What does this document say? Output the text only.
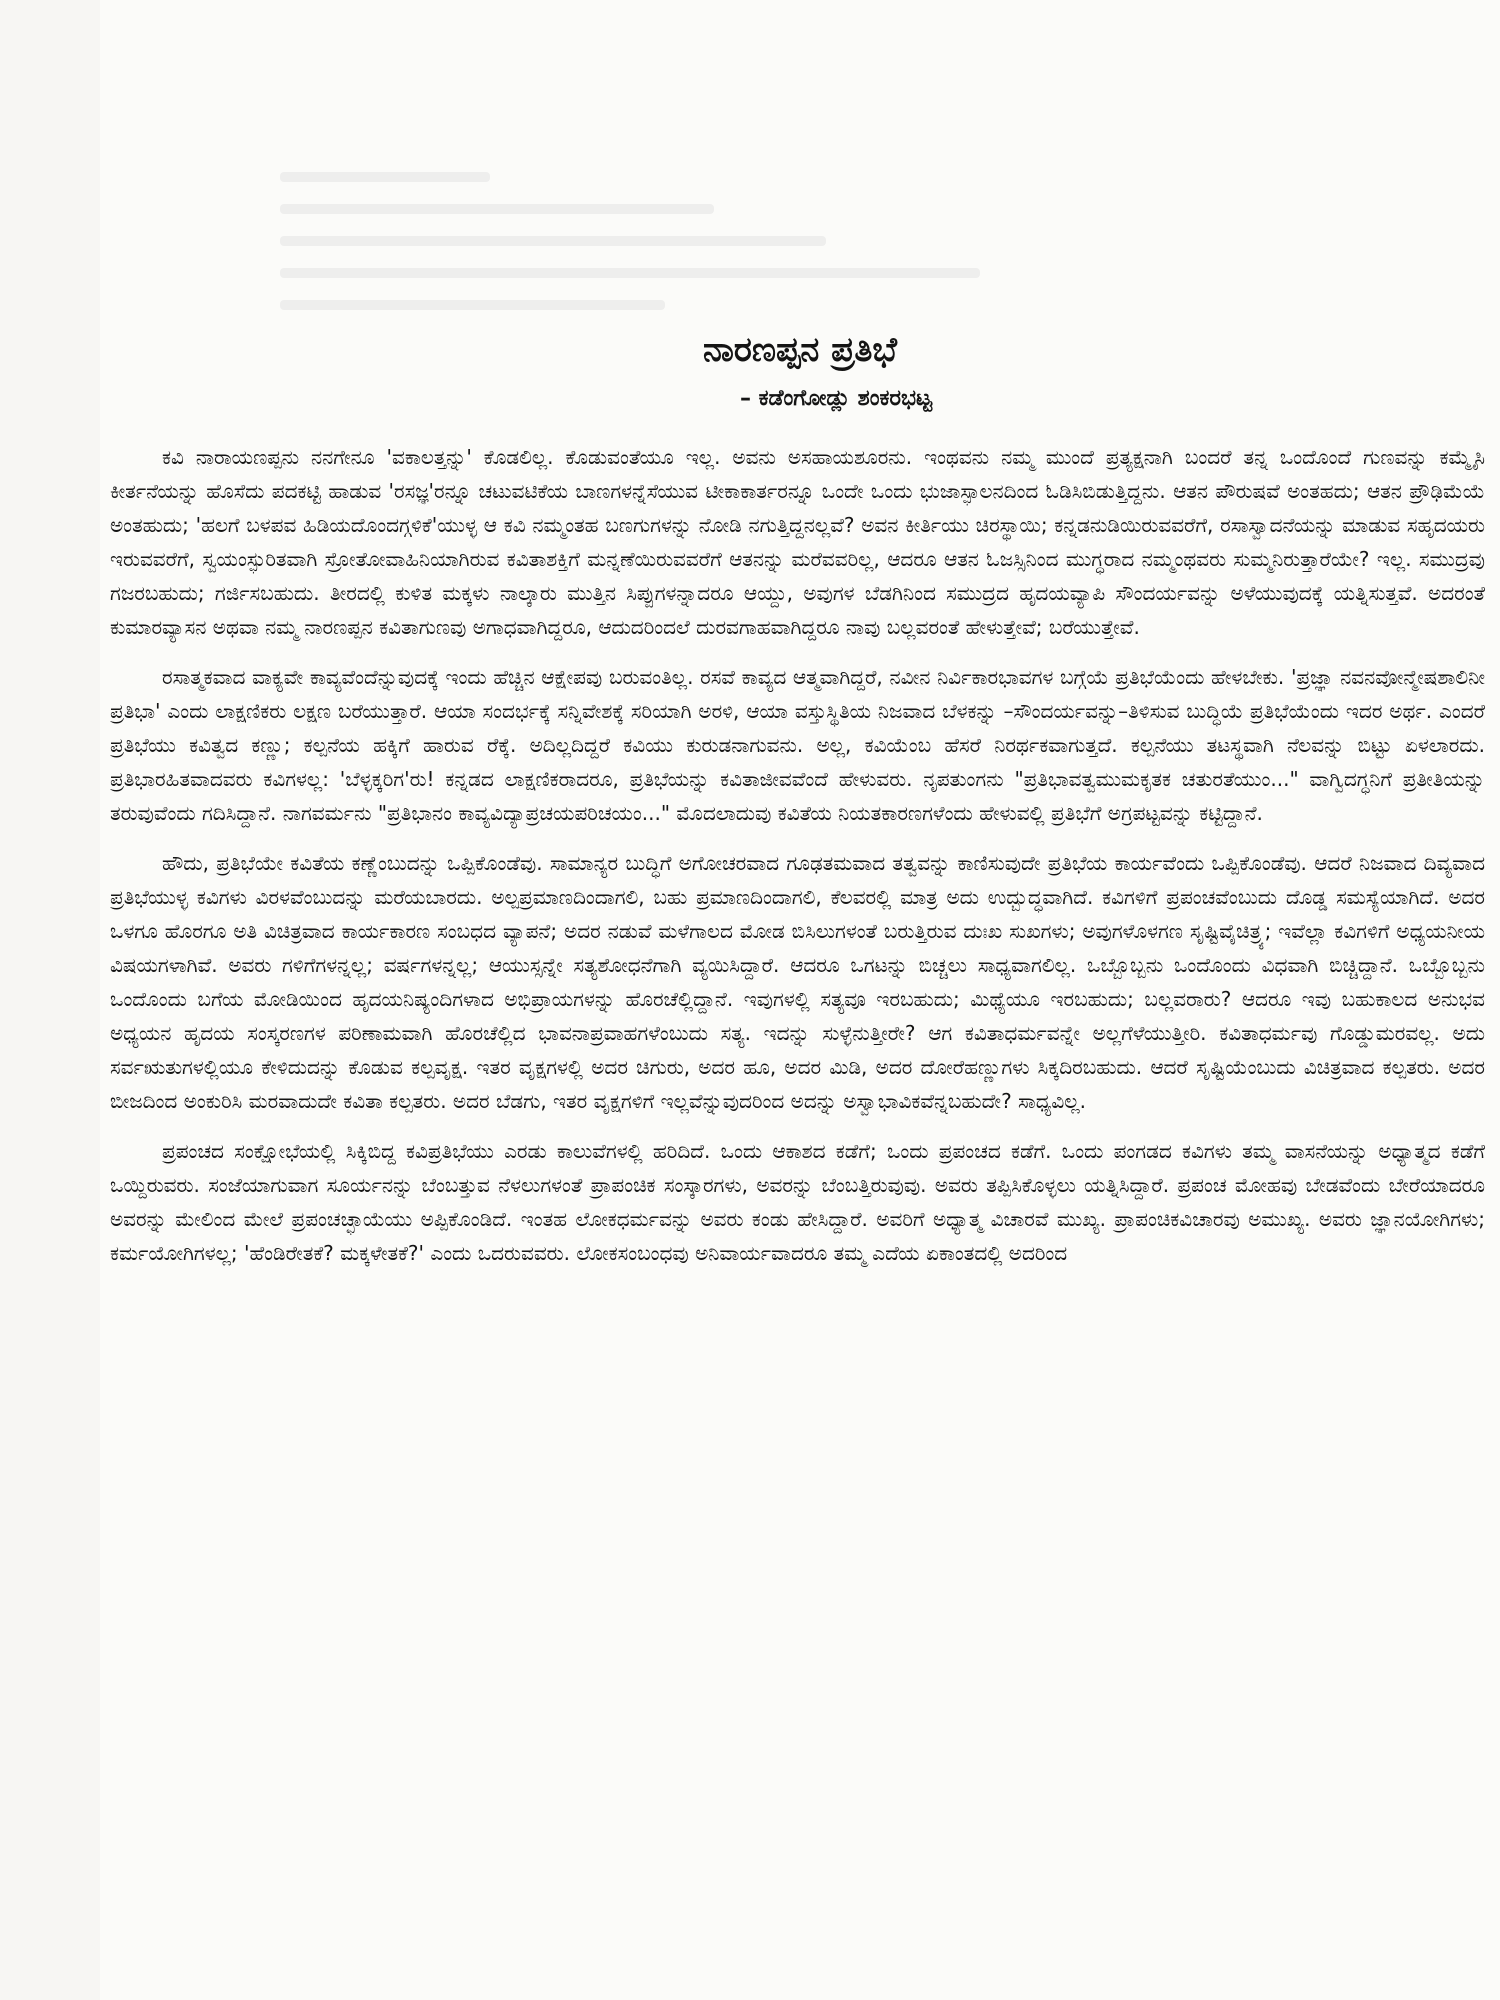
ನಾರಣಪ್ಪನ ಪ್ರತಿಭೆ
– ಕಡೆಂಗೋಡ್ಲು ಶಂಕರಭಟ್ಟ

ಕವಿ ನಾರಾಯಣಪ್ಪನು ನನಗೇನೂ 'ವಕಾಲತ್ತನ್ನು' ಕೊಡಲಿಲ್ಲ. ಕೊಡುವಂತೆಯೂ ಇಲ್ಲ. ಅವನು ಅಸಹಾಯಶೂರನು. ಇಂಥವನು ನಮ್ಮ ಮುಂದೆ ಪ್ರತ್ಯಕ್ಷನಾಗಿ ಬಂದರೆ ತನ್ನ ಒಂದೊಂದೆ ಗುಣವನ್ನು ಕಮ್ಮೈಸಿ ಕೀರ್ತನೆಯನ್ನು ಹೊಸೆದು ಪದಕಟ್ಟಿ ಹಾಡುವ 'ರಸಜ್ಞ'ರನ್ನೂ ಚಟುವಟಿಕೆಯ ಬಾಣಗಳನ್ನೆಸೆಯುವ ಟೀಕಾಕಾರ್ತರನ್ನೂ ಒಂದೇ ಒಂದು ಭುಜಾಸ್ಫಾಲನದಿಂದ ಓಡಿಸಿಬಿಡುತ್ತಿದ್ದನು. ಆತನ ಪೌರುಷವೆ ಅಂತಹದು; ಆತನ ಪ್ರೌಢಿಮೆಯೆ ಅಂತಹುದು; 'ಹಲಗೆ ಬಳಪವ ಹಿಡಿಯದೊಂದಗ್ಗಳಿಕೆ'ಯುಳ್ಳ ಆ ಕವಿ ನಮ್ಮಂತಹ ಬಣಗುಗಳನ್ನು ನೋಡಿ ನಗುತ್ತಿದ್ದನಲ್ಲವೆ? ಅವನ ಕೀರ್ತಿಯು ಚಿರಸ್ಥಾಯಿ; ಕನ್ನಡನುಡಿಯಿರುವವರೆಗೆ, ರಸಾಸ್ವಾದನೆಯನ್ನು ಮಾಡುವ ಸಹೃದಯರು ಇರುವವರೆಗೆ, ಸ್ವಯಂಸ್ಫುರಿತವಾಗಿ ಸ್ರೋತೋವಾಹಿನಿಯಾಗಿರುವ ಕವಿತಾಶಕ್ತಿಗೆ ಮನ್ನಣೆಯಿರುವವರೆಗೆ ಆತನನ್ನು ಮರೆವವರಿಲ್ಲ, ಆದರೂ ಆತನ ಓಜಸ್ಸಿನಿಂದ ಮುಗ್ಧರಾದ ನಮ್ಮಂಥವರು ಸುಮ್ಮನಿರುತ್ತಾರೆಯೇ? ಇಲ್ಲ. ಸಮುದ್ರವು ಗಜರಬಹುದು; ಗರ್ಜಿಸಬಹುದು. ತೀರದಲ್ಲಿ ಕುಳಿತ ಮಕ್ಕಳು ನಾಲ್ಕಾರು ಮುತ್ತಿನ ಸಿಪ್ಪುಗಳನ್ನಾದರೂ ಆಯ್ದು, ಅವುಗಳ ಬೆಡಗಿನಿಂದ ಸಮುದ್ರದ ಹೃದಯವ್ಯಾಪಿ ಸೌಂದರ್ಯವನ್ನು ಅಳೆಯುವುದಕ್ಕೆ ಯತ್ನಿಸುತ್ತವೆ. ಅದರಂತೆ ಕುಮಾರವ್ಯಾಸನ ಅಥವಾ ನಮ್ಮ ನಾರಣಪ್ಪನ ಕವಿತಾಗುಣವು ಅಗಾಧವಾಗಿದ್ದರೂ, ಆದುದರಿಂದಲೆ ದುರವಗಾಹವಾಗಿದ್ದರೂ ನಾವು ಬಲ್ಲವರಂತೆ ಹೇಳುತ್ತೇವೆ; ಬರೆಯುತ್ತೇವೆ.

ರಸಾತ್ಮಕವಾದ ವಾಕ್ಯವೇ ಕಾವ್ಯವೆಂದೆನ್ನುವುದಕ್ಕೆ ಇಂದು ಹೆಚ್ಚಿನ ಆಕ್ಷೇಪವು ಬರುವಂತಿಲ್ಲ. ರಸವೆ ಕಾವ್ಯದ ಆತ್ಮವಾಗಿದ್ದರೆ, ನವೀನ ನಿರ್ವಿಕಾರಭಾವಗಳ ಬಗ್ಗೆಯೆ ಪ್ರತಿಭೆಯೆಂದು ಹೇಳಬೇಕು. 'ಪ್ರಜ್ಞಾ ನವನವೋನ್ಮೇಷಶಾಲಿನೀ ಪ್ರತಿಭಾ' ಎಂದು ಲಾಕ್ಷಣಿಕರು ಲಕ್ಷಣ ಬರೆಯುತ್ತಾರೆ. ಆಯಾ ಸಂದರ್ಭಕ್ಕೆ ಸನ್ನಿವೇಶಕ್ಕೆ ಸರಿಯಾಗಿ ಅರಳಿ, ಆಯಾ ವಸ್ತುಸ್ಥಿತಿಯ ನಿಜವಾದ ಬೆಳಕನ್ನು –ಸೌಂದರ್ಯವನ್ನು–ತಿಳಿಸುವ ಬುದ್ಧಿಯೆ ಪ್ರತಿಭೆಯೆಂದು ಇದರ ಅರ್ಥ. ಎಂದರೆ ಪ್ರತಿಭೆಯು ಕವಿತ್ವದ ಕಣ್ಣು; ಕಲ್ಪನೆಯ ಹಕ್ಕಿಗೆ ಹಾರುವ ರೆಕ್ಕೆ. ಅದಿಲ್ಲದಿದ್ದರೆ ಕವಿಯು ಕುರುಡನಾಗುವನು. ಅಲ್ಲ, ಕವಿಯೆಂಬ ಹೆಸರೆ ನಿರರ್ಥಕವಾಗುತ್ತದೆ. ಕಲ್ಪನೆಯು ತಟಸ್ಥವಾಗಿ ನೆಲವನ್ನು ಬಿಟ್ಟು ಏಳಲಾರದು. ಪ್ರತಿಭಾರಹಿತವಾದವರು ಕವಿಗಳಲ್ಲ: 'ಬೆಳ್ಳಕ್ಕರಿಗ'ರು! ಕನ್ನಡದ ಲಾಕ್ಷಣಿಕರಾದರೂ, ಪ್ರತಿಭೆಯನ್ನು ಕವಿತಾಜೀವವೆಂದೆ ಹೇಳುವರು. ನೃಪತುಂಗನು "ಪ್ರತಿಭಾವತ್ವಮುಮಕೃತಕ ಚತುರತೆಯುಂ..." ವಾಗ್ವಿದಗ್ಧನಿಗೆ ಪ್ರತೀತಿಯನ್ನು ತರುವುವೆಂದು ಗದಿಸಿದ್ದಾನೆ. ನಾಗವರ್ಮನು "ಪ್ರತಿಭಾನಂ ಕಾವ್ಯವಿದ್ಯಾಪ್ರಚಯಪರಿಚಯಂ..." ಮೊದಲಾದುವು ಕವಿತೆಯ ನಿಯತಕಾರಣಗಳೆಂದು ಹೇಳುವಲ್ಲಿ ಪ್ರತಿಭೆಗೆ ಅಗ್ರಪಟ್ಟವನ್ನು ಕಟ್ಟಿದ್ದಾನೆ.

ಹೌದು, ಪ್ರತಿಭೆಯೇ ಕವಿತೆಯ ಕಣ್ಣೆಂಬುದನ್ನು ಒಪ್ಪಿಕೊಂಡೆವು. ಸಾಮಾನ್ಯರ ಬುದ್ಧಿಗೆ ಅಗೋಚರವಾದ ಗೂಢತಮವಾದ ತತ್ವವನ್ನು ಕಾಣಿಸುವುದೇ ಪ್ರತಿಭೆಯ ಕಾರ್ಯವೆಂದು ಒಪ್ಪಿಕೊಂಡೆವು. ಆದರೆ ನಿಜವಾದ ದಿವ್ಯವಾದ ಪ್ರತಿಭೆಯುಳ್ಳ ಕವಿಗಳು ವಿರಳವೆಂಬುದನ್ನು ಮರೆಯಬಾರದು. ಅಲ್ಪಪ್ರಮಾಣದಿಂದಾಗಲಿ, ಬಹು ಪ್ರಮಾಣದಿಂದಾಗಲಿ, ಕೆಲವರಲ್ಲಿ ಮಾತ್ರ ಅದು ಉದ್ಬುದ್ಧವಾಗಿದೆ. ಕವಿಗಳಿಗೆ ಪ್ರಪಂಚವೆಂಬುದು ದೊಡ್ಡ ಸಮಸ್ಯೆಯಾಗಿದೆ. ಅದರ ಒಳಗೂ ಹೊರಗೂ ಅತಿ ವಿಚಿತ್ರವಾದ ಕಾರ್ಯಕಾರಣ ಸಂಬಧದ ವ್ಯಾಪನೆ; ಅದರ ನಡುವೆ ಮಳೆಗಾಲದ ಮೋಡ ಬಿಸಿಲುಗಳಂತೆ ಬರುತ್ತಿರುವ ದುಃಖ ಸುಖಗಳು; ಅವುಗಳೊಳಗಣ ಸೃಷ್ಟಿವೈಚಿತ್ರ್ಯ; ಇವೆಲ್ಲಾ ಕವಿಗಳಿಗೆ ಅಧ್ಯಯನೀಯ ವಿಷಯಗಳಾಗಿವೆ. ಅವರು ಗಳಿಗೆಗಳನ್ನಲ್ಲ; ವರ್ಷಗಳನ್ನಲ್ಲ; ಆಯುಸ್ಸನ್ನೇ ಸತ್ಯಶೋಧನೆಗಾಗಿ ವ್ಯಯಿಸಿದ್ದಾರೆ. ಆದರೂ ಒಗಟನ್ನು ಬಿಚ್ಚಲು ಸಾಧ್ಯವಾಗಲಿಲ್ಲ. ಒಬ್ಬೊಬ್ಬನು ಒಂದೊಂದು ವಿಧವಾಗಿ ಬಿಚ್ಚಿದ್ದಾನೆ. ಒಬ್ಬೊಬ್ಬನು ಒಂದೊಂದು ಬಗೆಯ ಮೋಡಿಯಿಂದ ಹೃದಯನಿಷ್ಯಂದಿಗಳಾದ ಅಭಿಪ್ರಾಯಗಳನ್ನು ಹೊರಚೆಲ್ಲಿದ್ದಾನೆ. ಇವುಗಳಲ್ಲಿ ಸತ್ಯವೂ ಇರಬಹುದು; ಮಿಥ್ಯೆಯೂ ಇರಬಹುದು; ಬಲ್ಲವರಾರು? ಆದರೂ ಇವು ಬಹುಕಾಲದ ಅನುಭವ ಅಧ್ಯಯನ ಹೃದಯ ಸಂಸ್ಕರಣಗಳ ಪರಿಣಾಮವಾಗಿ ಹೊರಚೆಲ್ಲಿದ ಭಾವನಾಪ್ರವಾಹಗಳೆಂಬುದು ಸತ್ಯ. ಇದನ್ನು ಸುಳ್ಳೆನುತ್ತೀರೇ? ಆಗ ಕವಿತಾಧರ್ಮವನ್ನೇ ಅಲ್ಲಗೆಳೆಯುತ್ತೀರಿ. ಕವಿತಾಧರ್ಮವು ಗೊಡ್ಡುಮರವಲ್ಲ. ಅದು ಸರ್ವಋತುಗಳಲ್ಲಿಯೂ ಕೇಳಿದುದನ್ನು ಕೊಡುವ ಕಲ್ಪವೃಕ್ಷ. ಇತರ ವೃಕ್ಷಗಳಲ್ಲಿ ಅದರ ಚಿಗುರು, ಅದರ ಹೂ, ಅದರ ಮಿಡಿ, ಅದರ ದೋರೆಹಣ್ಣುಗಳು ಸಿಕ್ಕದಿರಬಹುದು. ಆದರೆ ಸೃಷ್ಟಿಯೆಂಬುದು ವಿಚಿತ್ರವಾದ ಕಲ್ಪತರು. ಅದರ ಬೀಜದಿಂದ ಅಂಕುರಿಸಿ ಮರವಾದುದೇ ಕವಿತಾ ಕಲ್ಪತರು. ಅದರ ಬೆಡಗು, ಇತರ ವೃಕ್ಷಗಳಿಗೆ ಇಲ್ಲವೆನ್ನುವುದರಿಂದ ಅದನ್ನು ಅಸ್ವಾಭಾವಿಕವೆನ್ನಬಹುದೇ? ಸಾಧ್ಯವಿಲ್ಲ.

ಪ್ರಪಂಚದ ಸಂಕ್ಷೋಭೆಯಲ್ಲಿ ಸಿಕ್ಕಿಬಿದ್ದ ಕವಿಪ್ರತಿಭೆಯು ಎರಡು ಕಾಲುವೆಗಳಲ್ಲಿ ಹರಿದಿದೆ. ಒಂದು ಆಕಾಶದ ಕಡೆಗೆ; ಒಂದು ಪ್ರಪಂಚದ ಕಡೆಗೆ. ಒಂದು ಪಂಗಡದ ಕವಿಗಳು ತಮ್ಮ ವಾಸನೆಯನ್ನು ಅಧ್ಯಾತ್ಮದ ಕಡೆಗೆ ಒಯ್ದಿರುವರು. ಸಂಜೆಯಾಗುವಾಗ ಸೂರ್ಯನನ್ನು ಬೆಂಬತ್ತುವ ನೆಳಲುಗಳಂತೆ ಪ್ರಾಪಂಚಿಕ ಸಂಸ್ಕಾರಗಳು, ಅವರನ್ನು ಬೆಂಬತ್ತಿರುವುವು. ಅವರು ತಪ್ಪಿಸಿಕೊಳ್ಳಲು ಯತ್ನಿಸಿದ್ದಾರೆ. ಪ್ರಪಂಚ ಮೋಹವು ಬೇಡವೆಂದು ಬೇರೆಯಾದರೂ ಅವರನ್ನು ಮೇಲಿಂದ ಮೇಲೆ ಪ್ರಪಂಚಚ್ಛಾಯೆಯು ಅಪ್ಪಿಕೊಂಡಿದೆ. ಇಂತಹ ಲೋಕಧರ್ಮವನ್ನು ಅವರು ಕಂಡು ಹೇಸಿದ್ದಾರೆ. ಅವರಿಗೆ ಅಧ್ಯಾತ್ಮ ವಿಚಾರವೆ ಮುಖ್ಯ. ಪ್ರಾಪಂಚಿಕವಿಚಾರವು ಅಮುಖ್ಯ. ಅವರು ಜ್ಞಾನಯೋಗಿಗಳು; ಕರ್ಮಯೋಗಿಗಳಲ್ಲ; 'ಹೆಂಡಿರೇತಕೆ? ಮಕ್ಕಳೇತಕೆ?' ಎಂದು ಒದರುವವರು. ಲೋಕಸಂಬಂಧವು ಅನಿವಾರ್ಯವಾದರೂ ತಮ್ಮ ಎದೆಯ ಏಕಾಂತದಲ್ಲಿ ಅದರಿಂದ
